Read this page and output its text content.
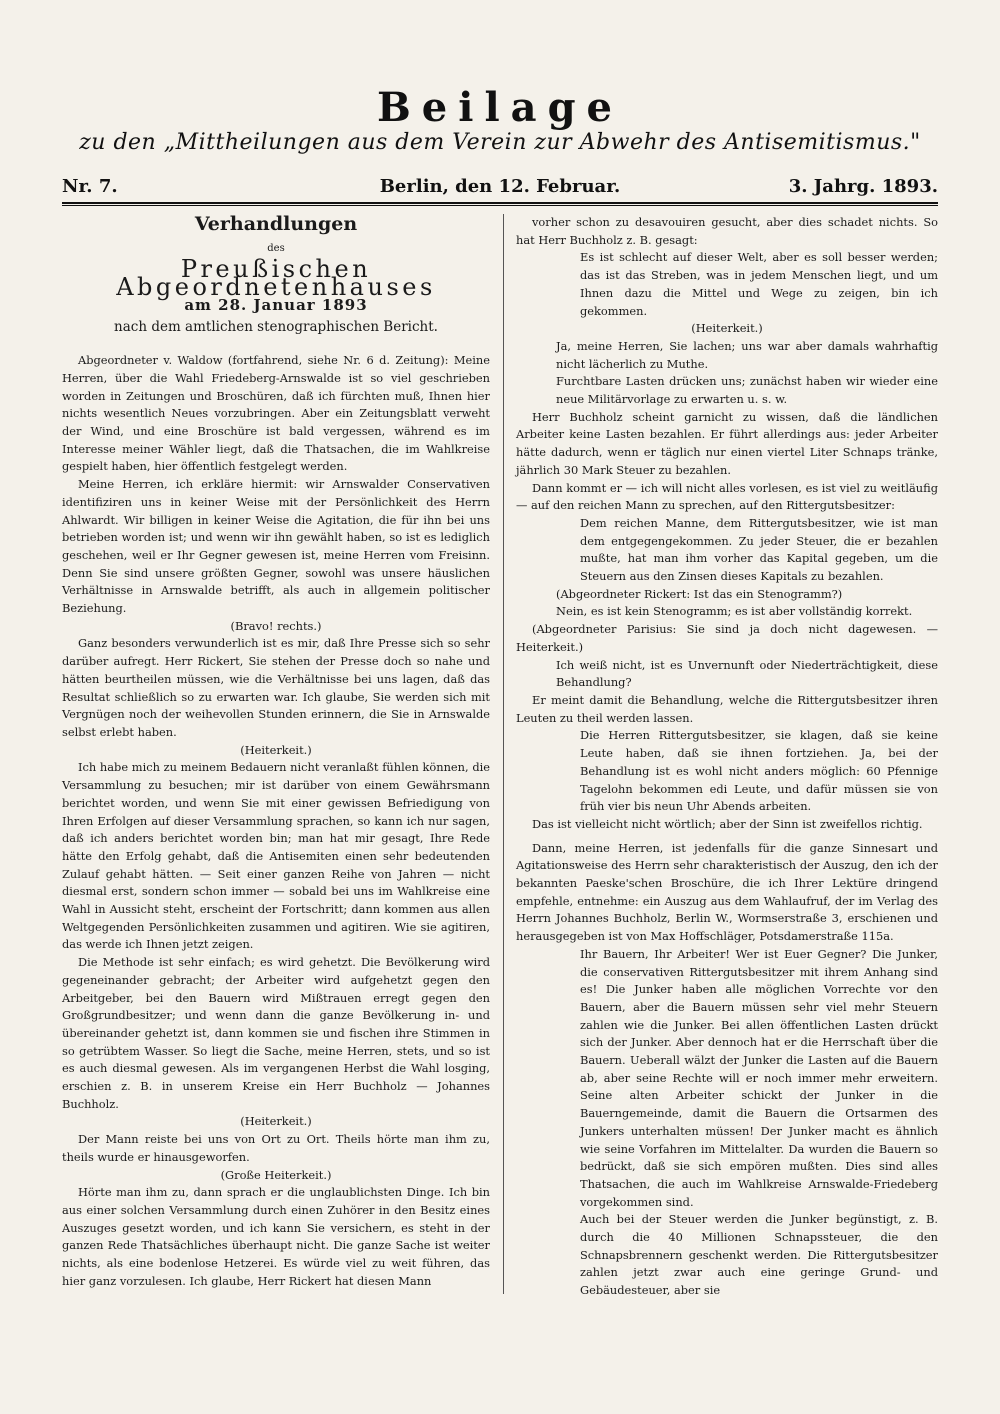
Beilage
zu den „Mittheilungen aus dem Verein zur Abwehr des Antisemitismus."
Berlin, den 12. Februar.
Nr. 7.	3. Jahrg. 1893.
Verhandlungen
des
Preußischen Abgeordnetenhauses
am 28. Januar 1893
nach dem amtlichen stenographischen Bericht.
Abgeordneter v. Waldow (fortfahrend, siehe Nr. 6 d. Zeitung): Meine Herren, über die Wahl Friedeberg-Arnswalde ist so viel geschrieben worden in Zeitungen und Broschüren, daß ich fürchten muß, Ihnen hier nichts wesentlich Neues vorzubringen. Aber ein Zeitungsblatt verweht der Wind, und eine Broschüre ist bald vergessen, während es im Interesse meiner Wähler liegt, daß die Thatsachen, die im Wahlkreise gespielt haben, hier öffentlich festgelegt werden.
Meine Herren, ich erkläre hiermit: wir Arnswalder Conservativen identifiziren uns in keiner Weise mit der Persönlichkeit des Herrn Ahlwardt. Wir billigen in keiner Weise die Agitation, die für ihn bei uns betrieben worden ist; und wenn wir ihn gewählt haben, so ist es lediglich geschehen, weil er Ihr Gegner gewesen ist, meine Herren vom Freisinn. Denn Sie sind unsere größten Gegner, sowohl was unsere häuslichen Verhältnisse in Arnswalde betrifft, als auch in allgemein politischer Beziehung.
(Bravo! rechts.)
Ganz besonders verwunderlich ist es mir, daß Ihre Presse sich so sehr darüber aufregt. Herr Rickert, Sie stehen der Presse doch so nahe und hätten beurtheilen müssen, wie die Verhältnisse bei uns lagen, daß das Resultat schließlich so zu erwarten war. Ich glaube, Sie werden sich mit Vergnügen noch der weihevollen Stunden erinnern, die Sie in Arnswalde selbst erlebt haben.
(Heiterkeit.)
Ich habe mich zu meinem Bedauern nicht veranlaßt fühlen können, die Versammlung zu besuchen; mir ist darüber von einem Gewährsmann berichtet worden, und wenn Sie mit einer gewissen Befriedigung von Ihren Erfolgen auf dieser Versammlung sprachen, so kann ich nur sagen, daß ich anders berichtet worden bin; man hat mir gesagt, Ihre Rede hätte den Erfolg gehabt, daß die Antisemiten einen sehr bedeutenden Zulauf gehabt hätten. — Seit einer ganzen Reihe von Jahren — nicht diesmal erst, sondern schon immer — sobald bei uns im Wahlkreise eine Wahl in Aussicht steht, erscheint der Fortschritt; dann kommen aus allen Weltgegenden Persönlichkeiten zusammen und agitiren. Wie sie agitiren, das werde ich Ihnen jetzt zeigen.
Die Methode ist sehr einfach; es wird gehetzt. Die Bevölkerung wird gegeneinander gebracht; der Arbeiter wird aufgehetzt gegen den Arbeitgeber, bei den Bauern wird Mißtrauen erregt gegen den Großgrundbesitzer; und wenn dann die ganze Bevölkerung in- und übereinander gehetzt ist, dann kommen sie und fischen ihre Stimmen in so getrübtem Wasser. So liegt die Sache, meine Herren, stets, und so ist es auch diesmal gewesen. Als im vergangenen Herbst die Wahl losging, erschien z. B. in unserem Kreise ein Herr Buchholz — Johannes Buchholz.
(Heiterkeit.)
Der Mann reiste bei uns von Ort zu Ort. Theils hörte man ihm zu, theils wurde er hinausgeworfen.
(Große Heiterkeit.)
Hörte man ihm zu, dann sprach er die unglaublichsten Dinge. Ich bin aus einer solchen Versammlung durch einen Zuhörer in den Besitz eines Auszuges gesetzt worden, und ich kann Sie versichern, es steht in der ganzen Rede Thatsächliches überhaupt nicht. Die ganze Sache ist weiter nichts, als eine bodenlose Hetzerei. Es würde viel zu weit führen, das hier ganz vorzulesen. Ich glaube, Herr Rickert hat diesen Mann
vorher schon zu desavouiren gesucht, aber dies schadet nichts. So hat Herr Buchholz z. B. gesagt:
Es ist schlecht auf dieser Welt, aber es soll besser werden; das ist das Streben, was in jedem Menschen liegt, und um Ihnen dazu die Mittel und Wege zu zeigen, bin ich gekommen.
(Heiterkeit.)
Ja, meine Herren, Sie lachen; uns war aber damals wahrhaftig nicht lächerlich zu Muthe.
Furchtbare Lasten drücken uns; zunächst haben wir wieder eine neue Militärvorlage zu erwarten u. s. w.
Herr Buchholz scheint garnicht zu wissen, daß die ländlichen Arbeiter keine Lasten bezahlen. Er führt allerdings aus: jeder Arbeiter hätte dadurch, wenn er täglich nur einen viertel Liter Schnaps tränke, jährlich 30 Mark Steuer zu bezahlen.
Dann kommt er — ich will nicht alles vorlesen, es ist viel zu weitläufig — auf den reichen Mann zu sprechen, auf den Rittergutsbesitzer:
Dem reichen Manne, dem Rittergutsbesitzer, wie ist man dem entgegengekommen. Zu jeder Steuer, die er bezahlen mußte, hat man ihm vorher das Kapital gegeben, um die Steuern aus den Zinsen dieses Kapitals zu bezahlen.
(Abgeordneter Rickert: Ist das ein Stenogramm?)
Nein, es ist kein Stenogramm; es ist aber vollständig korrekt.
(Abgeordneter Parisius: Sie sind ja doch nicht dagewesen. — Heiterkeit.)
Ich weiß nicht, ist es Unvernunft oder Niederträchtigkeit, diese Behandlung?
Er meint damit die Behandlung, welche die Rittergutsbesitzer ihren Leuten zu theil werden lassen.
Die Herren Rittergutsbesitzer, sie klagen, daß sie keine Leute haben, daß sie ihnen fortziehen. Ja, bei der Behandlung ist es wohl nicht anders möglich: 60 Pfennige Tagelohn bekommen edi Leute, und dafür müssen sie von früh vier bis neun Uhr Abends arbeiten.
Das ist vielleicht nicht wörtlich; aber der Sinn ist zweifellos richtig.
Dann, meine Herren, ist jedenfalls für die ganze Sinnesart und Agitationsweise des Herrn sehr charakteristisch der Auszug, den ich der bekannten Paeske'schen Broschüre, die ich Ihrer Lektüre dringend empfehle, entnehme: ein Auszug aus dem Wahlaufruf, der im Verlag des Herrn Johannes Buchholz, Berlin W., Wormserstraße 3, erschienen und herausgegeben ist von Max Hoffschläger, Potsdamerstraße 115a.
Ihr Bauern, Ihr Arbeiter! Wer ist Euer Gegner? Die Junker, die conservativen Rittergutsbesitzer mit ihrem Anhang sind es! Die Junker haben alle möglichen Vorrechte vor den Bauern, aber die Bauern müssen sehr viel mehr Steuern zahlen wie die Junker. Bei allen öffentlichen Lasten drückt sich der Junker. Aber dennoch hat er die Herrschaft über die Bauern. Ueberall wälzt der Junker die Lasten auf die Bauern ab, aber seine Rechte will er noch immer mehr erweitern. Seine alten Arbeiter schickt der Junker in die Bauerngemeinde, damit die Bauern die Ortsarmen des Junkers unterhalten müssen! Der Junker macht es ähnlich wie seine Vorfahren im Mittelalter. Da wurden die Bauern so bedrückt, daß sie sich empören mußten. Dies sind alles Thatsachen, die auch im Wahlkreise Arnswalde-Friedeberg vorgekommen sind.
Auch bei der Steuer werden die Junker begünstigt, z. B. durch die 40 Millionen Schnapssteuer, die den Schnapsbrennern geschenkt werden. Die Rittergutsbesitzer zahlen jetzt zwar auch eine geringe Grund- und Gebäudesteuer, aber sie
